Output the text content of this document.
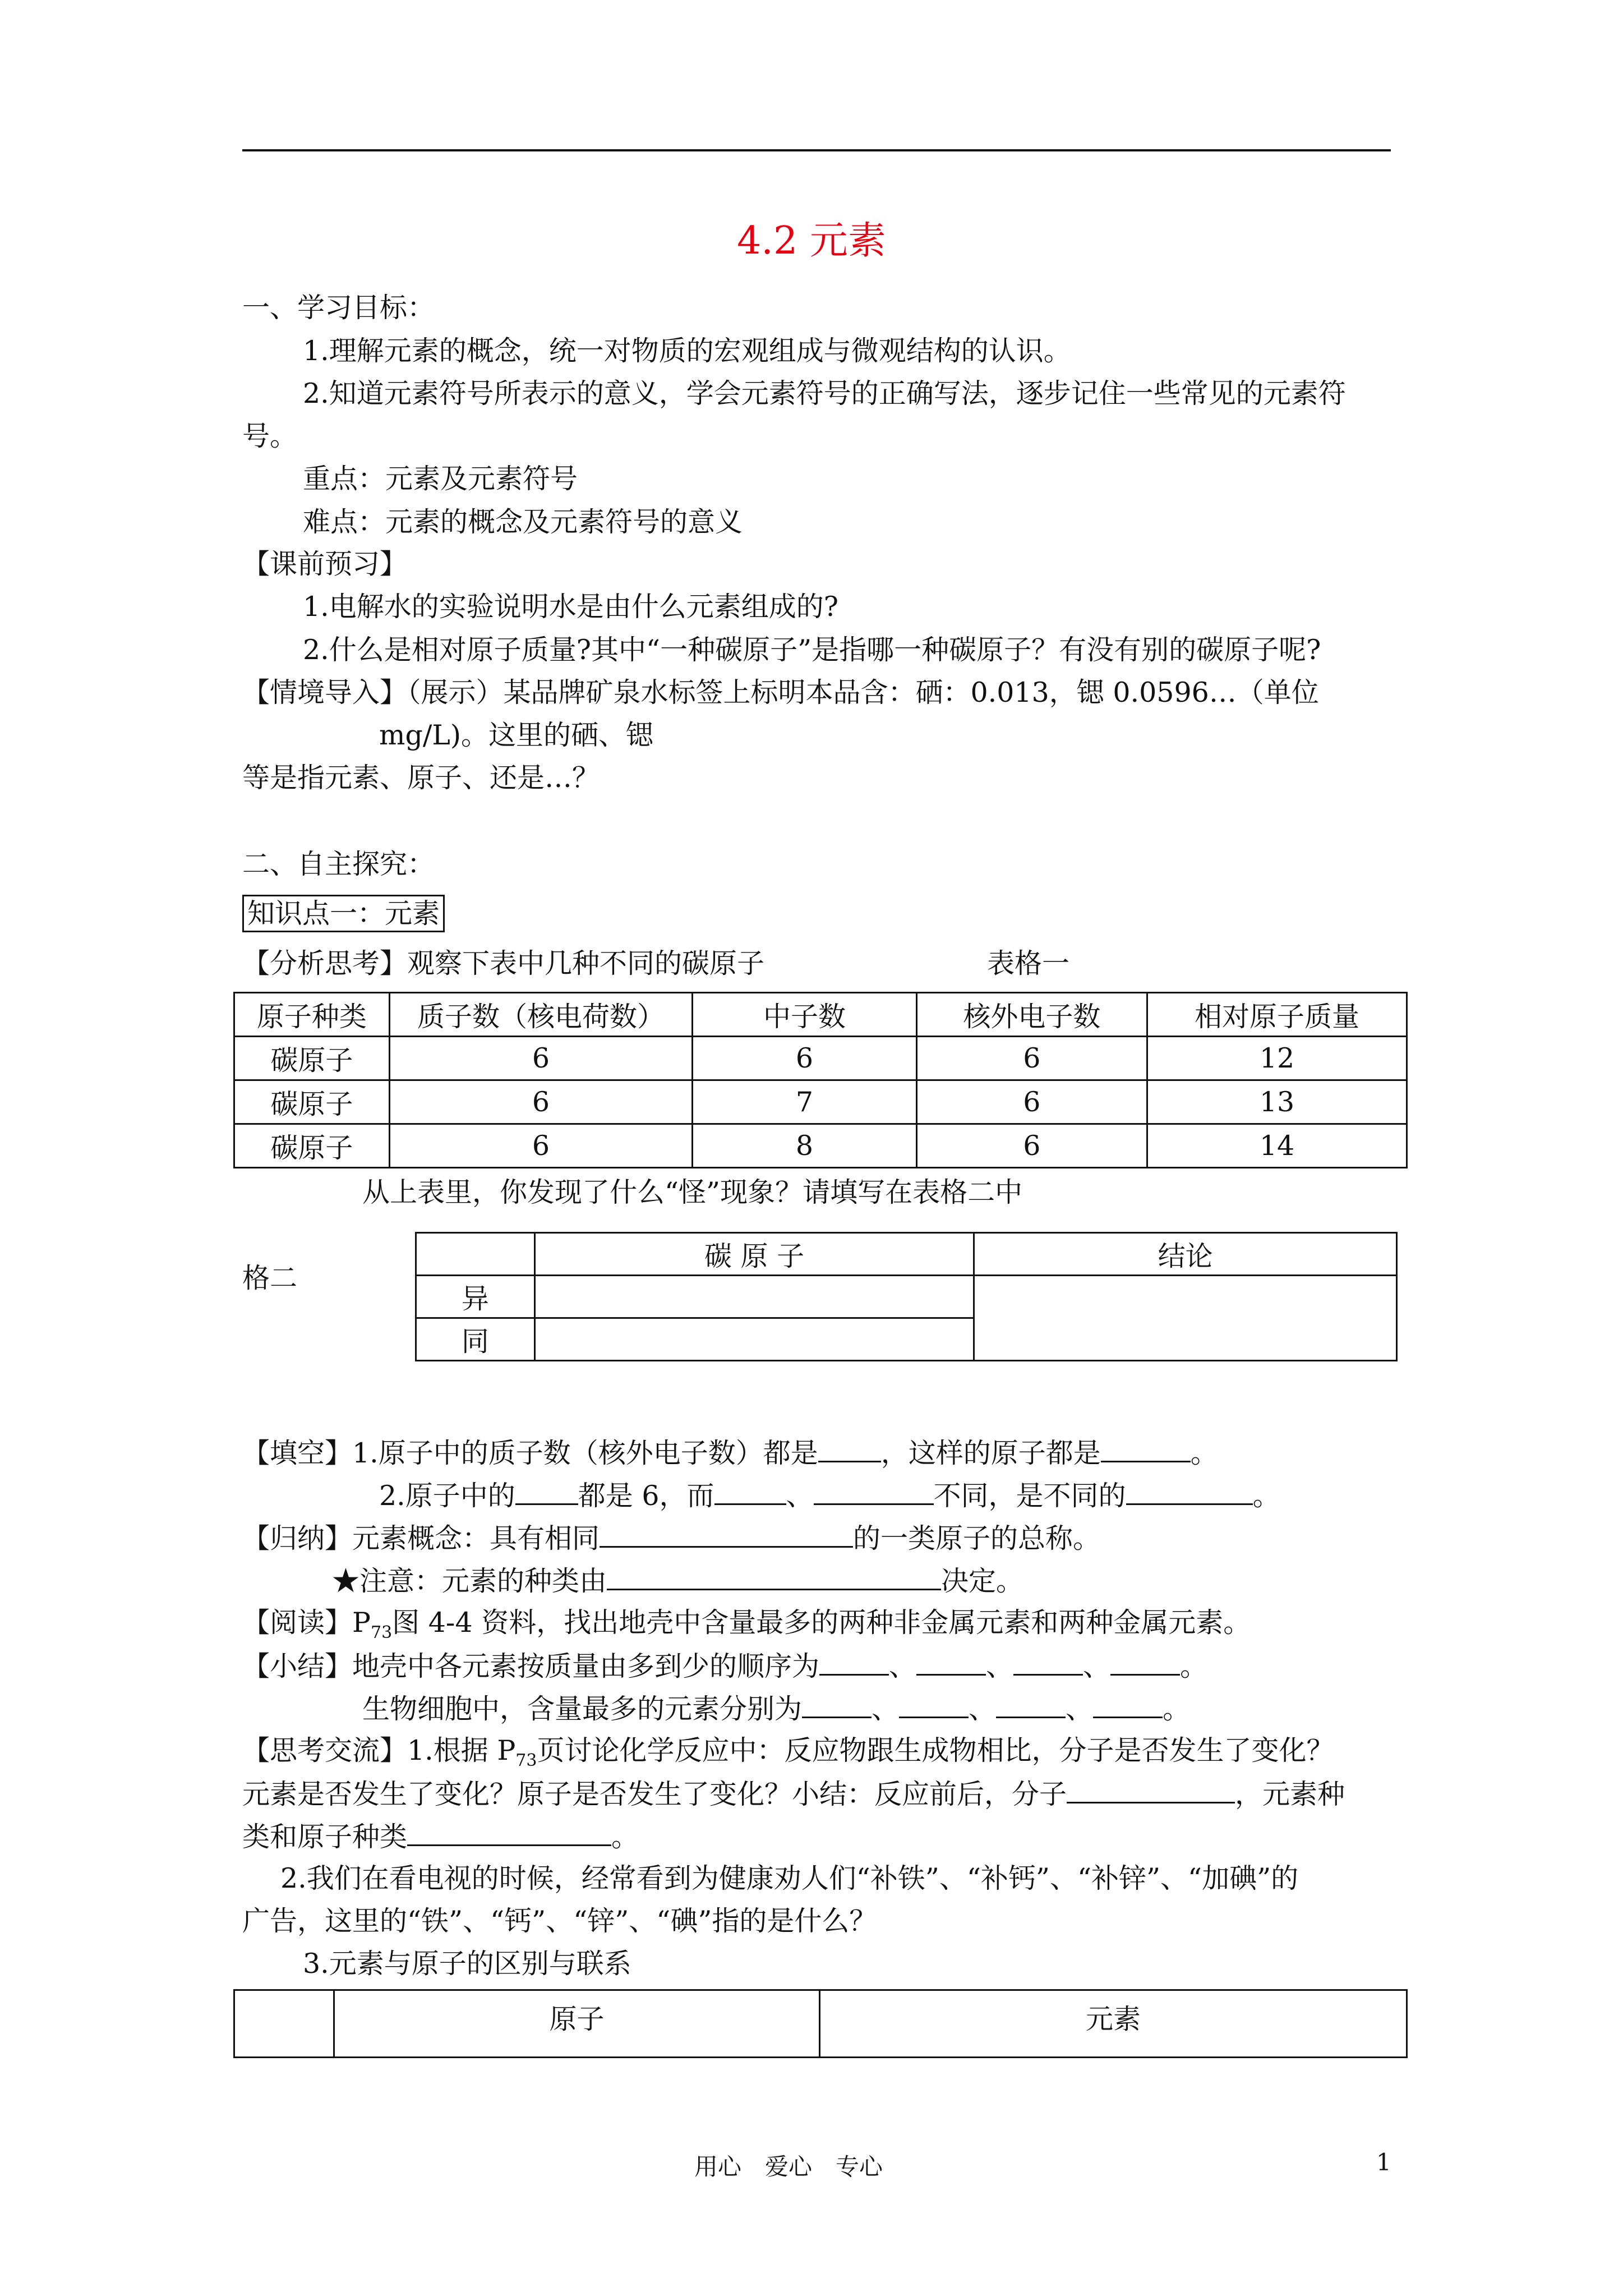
4.2 元素
一、学习目标：
1.理解元素的概念，统一对物质的宏观组成与微观结构的认识。
2.知道元素符号所表示的意义，学会元素符号的正确写法，逐步记住一些常见的元素符
号。
重点：元素及元素符号
难点：元素的概念及元素符号的意义
【课前预习】
1.电解水的实验说明水是由什么元素组成的?
2.什么是相对原子质量?其中“一种碳原子”是指哪一种碳原子？有没有别的碳原子呢?
【情境导入】（展示）某品牌矿泉水标签上标明本品含：硒：0.013，锶 0.0596…（单位
mg/L)。这里的硒、锶
等是指元素、原子、还是…？
二、自主探究：
知识点一：元素
【分析思考】观察下表中几种不同的碳原子	表格一
原子种类	质子数（核电荷数）	中子数	核外电子数	相对原子质量
碳原子	6	6	6	12
碳原子	6	7	6	13
碳原子	6	8	6	14
从上表里，你发现了什么“怪”现象？请填写在表格二中
格二
	碳 原 子	结论
异		
同		
【填空】1.原子中的质子数（核外电子数）都是 ，这样的原子都是	。
2.原子中的 都是 6，而	、	不同，是不同的	。
【归纳】元素概念：具有相同	的一类原子的总称。
★注意：元素的种类由	决定。
【阅读】$P_{73}$图 4-4 资料，找出地壳中含量最多的两种非金属元素和两种金属元素。
【小结】地壳中各元素按质量由多到少的顺序为	、	、	、	。
生物细胞中，含量最多的元素分别为	、	、	、	。
【思考交流】1.根据 $P_{73}$页讨论化学反应中：反应物跟生成物相比，分子是否发生了变化？
元素是否发生了变化？原子是否发生了变化？小结：反应前后，分子	，元素种
类和原子种类	。
2.我们在看电视的时候，经常看到为健康劝人们“补铁”、“补钙”、“补锌”、“加碘”的
广告，这里的“铁”、“钙”、“锌”、“碘”指的是什么？
3.元素与原子的区别与联系
	原子	元素
用心　爱心　专心	1
